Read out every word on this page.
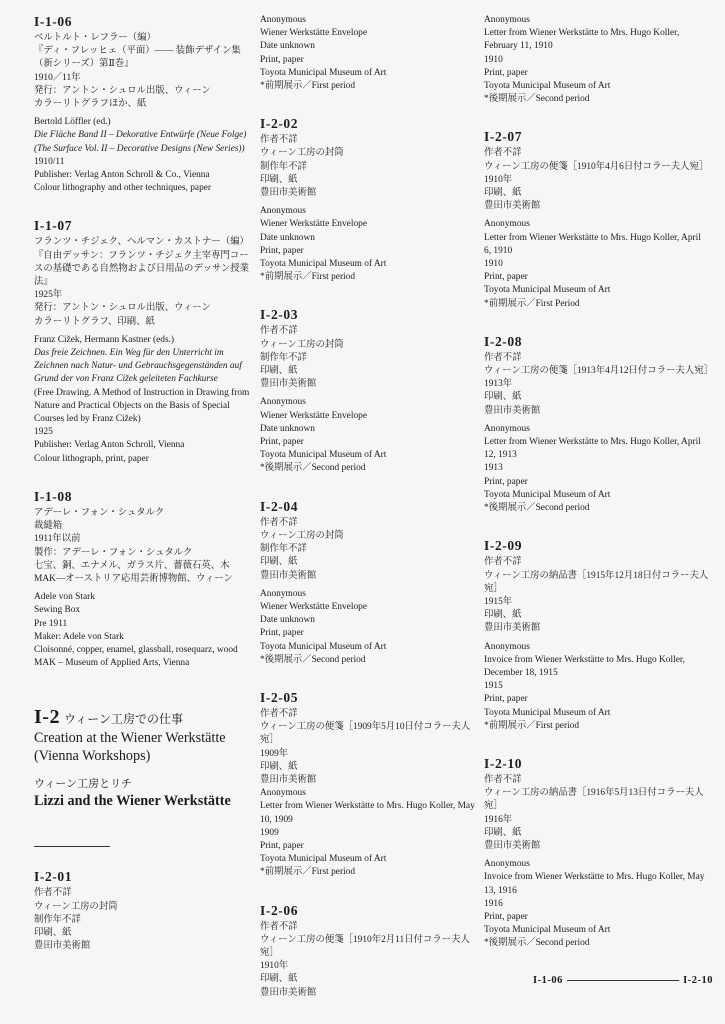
I-1-06
ベルトルト・レフラー（編）
『ディ・フレッヒェ（平面）—— 装飾デザイン集（新シリーズ）第Ⅱ巻』
1910／11年
発行：アントン・シュロル出版、ウィーン
カラーリトグラフほか、紙
Bertold Löffler (ed.)
Die Fläche Band II – Dekorative Entwürfe (Neue Folge) (The Surface Vol. II – Decorative Designs (New Series))
1910/11
Publisher: Verlag Anton Schroll & Co., Vienna
Colour lithography and other techniques, paper
I-1-07
フランツ・チジェク、ヘルマン・カストナー（編）
『自由デッサン：フランツ・チジェク主宰専門コースの基礎である自然物および日用品のデッサン授業法』
1925年
発行：アントン・シュロル出版、ウィーン
カラーリトグラフ、印刷、紙
Franz Cižek, Hermann Kastner (eds.)
Das freie Zeichnen. Ein Weg für den Unterricht im Zeichnen nach Natur- und Gebrauchsgegenständen auf Grund der von Franz Cižek geleiteten Fachkurse
(Free Drawing. A Method of Instruction in Drawing from Nature and Practical Objects on the Basis of Special Courses led by Franz Cižek)
1925
Publisher: Verlag Anton Schroll, Vienna
Colour lithograph, print, paper
I-1-08
アデーレ・フォン・シュタルク
裁縫箱
1911年以前
製作：アデーレ・フォン・シュタルク
七宝、銅、エナメル、ガラス片、薔薇石英、木
MAK—オーストリア応用芸術博物館、ウィーン
Adele von Stark
Sewing Box
Pre 1911
Maker: Adele von Stark
Cloisonné, copper, enamel, glassball, rosequarz, wood
MAK – Museum of Applied Arts, Vienna
I-2 ウィーン工房での仕事
Creation at the Wiener Werkstätte
(Vienna Workshops)
ウィーン工房とリチ
Lizzi and the Wiener Werkstätte
I-2-01
作者不詳
ウィーン工房の封筒
制作年不詳
印刷、紙
豊田市美術館
Anonymous
Wiener Werkstätte Envelope
Date unknown
Print, paper
Toyota Municipal Museum of Art
*前期展示／First period
I-2-02
作者不詳
ウィーン工房の封筒
制作年不詳
印刷、紙
豊田市美術館
Anonymous
Wiener Werkstätte Envelope
Date unknown
Print, paper
Toyota Municipal Museum of Art
*前期展示／First period
I-2-03
作者不詳
ウィーン工房の封筒
制作年不詳
印刷、紙
豊田市美術館
Anonymous
Wiener Werkstätte Envelope
Date unknown
Print, paper
Toyota Municipal Museum of Art
*後期展示／Second period
I-2-04
作者不詳
ウィーン工房の封筒
制作年不詳
印刷、紙
豊田市美術館
Anonymous
Wiener Werkstätte Envelope
Date unknown
Print, paper
Toyota Municipal Museum of Art
*後期展示／Second period
I-2-05
作者不詳
ウィーン工房の便箋［1909年5月10日付コラー夫人宛］
1909年
印刷、紙
豊田市美術館
Anonymous
Letter from Wiener Werkstätte to Mrs. Hugo Koller, May 10, 1909
1909
Print, paper
Toyota Municipal Museum of Art
*前期展示／First period
I-2-06
作者不詳
ウィーン工房の便箋［1910年2月11日付コラー夫人宛］
1910年
印刷、紙
豊田市美術館
Anonymous
Letter from Wiener Werkstätte to Mrs. Hugo Koller, February 11, 1910
1910
Print, paper
Toyota Municipal Museum of Art
*後期展示／Second period
I-2-07
作者不詳
ウィーン工房の便箋［1910年4月6日付コラー夫人宛］
1910年
印刷、紙
豊田市美術館
Anonymous
Letter from Wiener Werkstätte to Mrs. Hugo Koller, April 6, 1910
1910
Print, paper
Toyota Municipal Museum of Art
*前期展示／First Period
I-2-08
作者不詳
ウィーン工房の便箋［1913年4月12日付コラー夫人宛］
1913年
印刷、紙
豊田市美術館
Anonymous
Letter from Wiener Werkstätte to Mrs. Hugo Koller, April 12, 1913
1913
Print, paper
Toyota Municipal Museum of Art
*後期展示／Second period
I-2-09
作者不詳
ウィーン工房の納品書［1915年12月18日付コラー夫人宛］
1915年
印刷、紙
豊田市美術館
Anonymous
Invoice from Wiener Werkstätte to Mrs. Hugo Koller, December 18, 1915
1915
Print, paper
Toyota Municipal Museum of Art
*前期展示／First period
I-2-10
作者不詳
ウィーン工房の納品書［1916年5月13日付コラー夫人宛］
1916年
印刷、紙
豊田市美術館
Anonymous
Invoice from Wiener Werkstätte to Mrs. Hugo Koller, May 13, 1916
1916
Print, paper
Toyota Municipal Museum of Art
*後期展示／Second period
I-1-06	I-2-10
